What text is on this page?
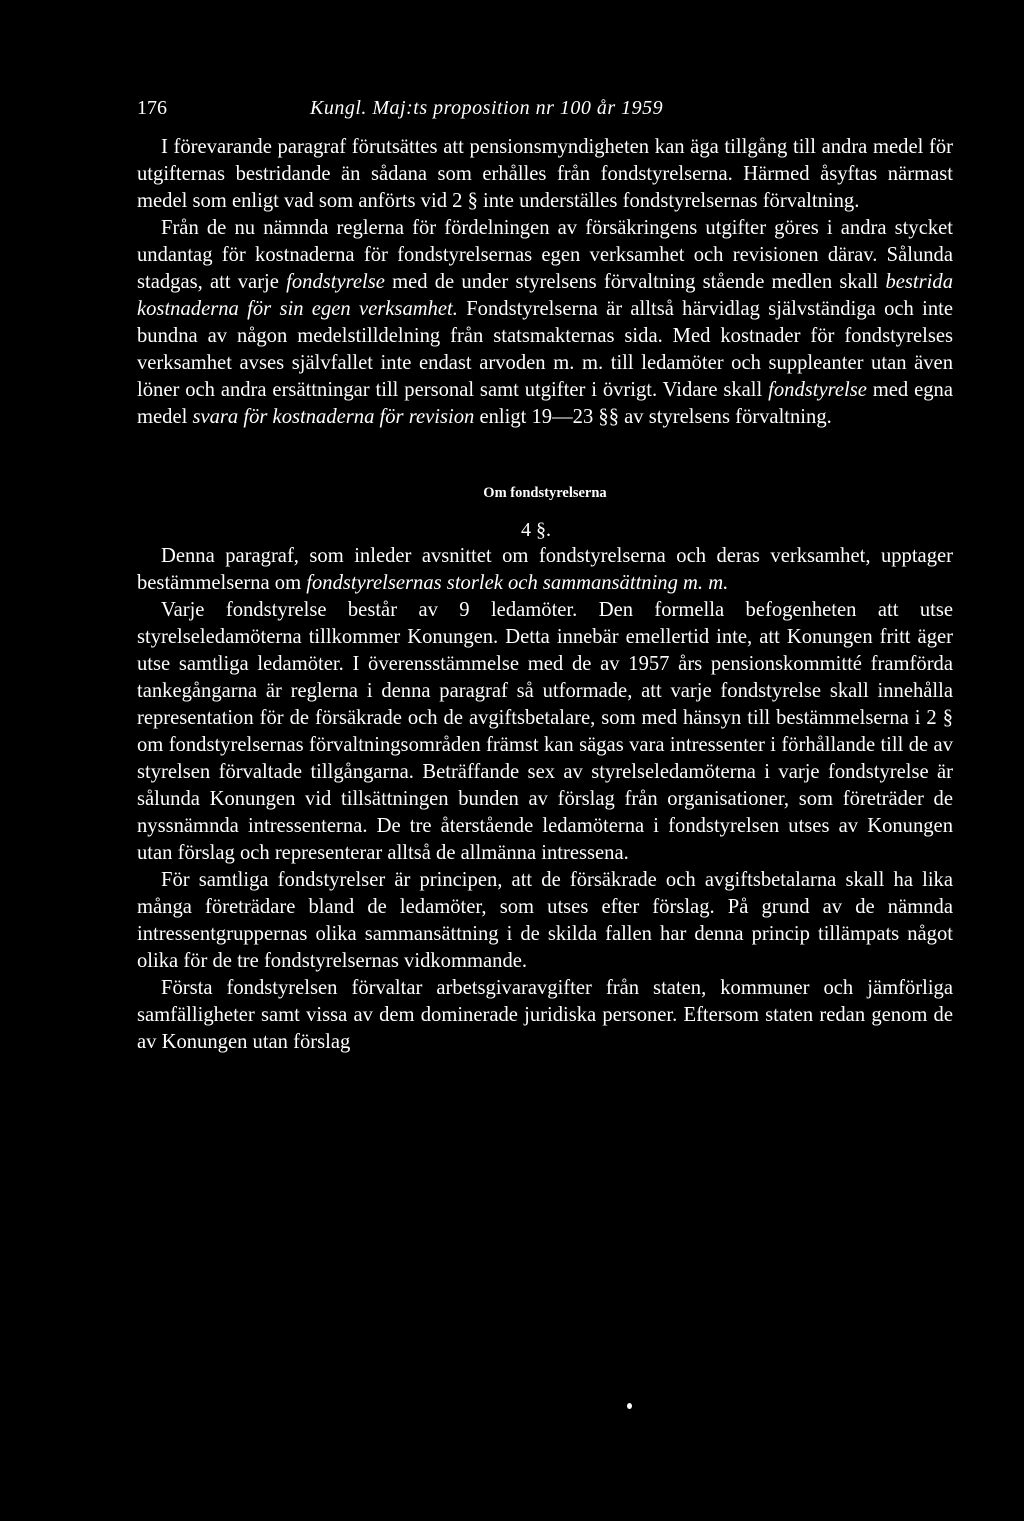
176	Kungl. Maj:ts proposition nr 100 år 1959

I förevarande paragraf förutsättes att pensionsmyndigheten kan äga tillgång till andra medel för utgifternas bestridande än sådana som erhålles från fondstyrelserna. Härmed åsyftas närmast medel som enligt vad som anförts vid 2 § inte underställes fondstyrelsernas förvaltning.

Från de nu nämnda reglerna för fördelningen av försäkringens utgifter göres i andra stycket undantag för kostnaderna för fondstyrelsernas egen verksamhet och revisionen därav. Sålunda stadgas, att varje fondstyrelse med de under styrelsens förvaltning stående medlen skall bestrida kostnaderna för sin egen verksamhet. Fondstyrelserna är alltså härvidlag självständiga och inte bundna av någon medelstilldelning från statsmakternas sida. Med kostnader för fondstyrelses verksamhet avses självfallet inte endast arvoden m. m. till ledamöter och suppleanter utan även löner och andra ersättningar till personal samt utgifter i övrigt. Vidare skall fondstyrelse med egna medel svara för kostnaderna för revision enligt 19—23 §§ av styrelsens förvaltning.

Om fondstyrelserna
4 §.

Denna paragraf, som inleder avsnittet om fondstyrelserna och deras verksamhet, upptager bestämmelserna om fondstyrelsernas storlek och sammansättning m. m.

Varje fondstyrelse består av 9 ledamöter. Den formella befogenheten att utse styrelseledamöterna tillkommer Konungen. Detta innebär emellertid inte, att Konungen fritt äger utse samtliga ledamöter. I överensstämmelse med de av 1957 års pensionskommitté framförda tankegångarna är reglerna i denna paragraf så utformade, att varje fondstyrelse skall innehålla representation för de försäkrade och de avgiftsbetalare, som med hänsyn till bestämmelserna i 2 § om fondstyrelsernas förvaltningsområden främst kan sägas vara intressenter i förhållande till de av styrelsen förvaltade tillgångarna. Beträffande sex av styrelseledamöterna i varje fondstyrelse är sålunda Konungen vid tillsättningen bunden av förslag från organisationer, som företräder de nyssnämnda intressenterna. De tre återstående ledamöterna i fondstyrelsen utses av Konungen utan förslag och representerar alltså de allmänna intressena.

För samtliga fondstyrelser är principen, att de försäkrade och avgiftsbetalarna skall ha lika många företrädare bland de ledamöter, som utses efter förslag. På grund av de nämnda intressentgruppernas olika sammansättning i de skilda fallen har denna princip tillämpats något olika för de tre fondstyrelsernas vidkommande.

Första fondstyrelsen förvaltar arbetsgivaravgifter från staten, kommuner och jämförliga samfälligheter samt vissa av dem dominerade juridiska personer. Eftersom staten redan genom de av Konungen utan förslag
